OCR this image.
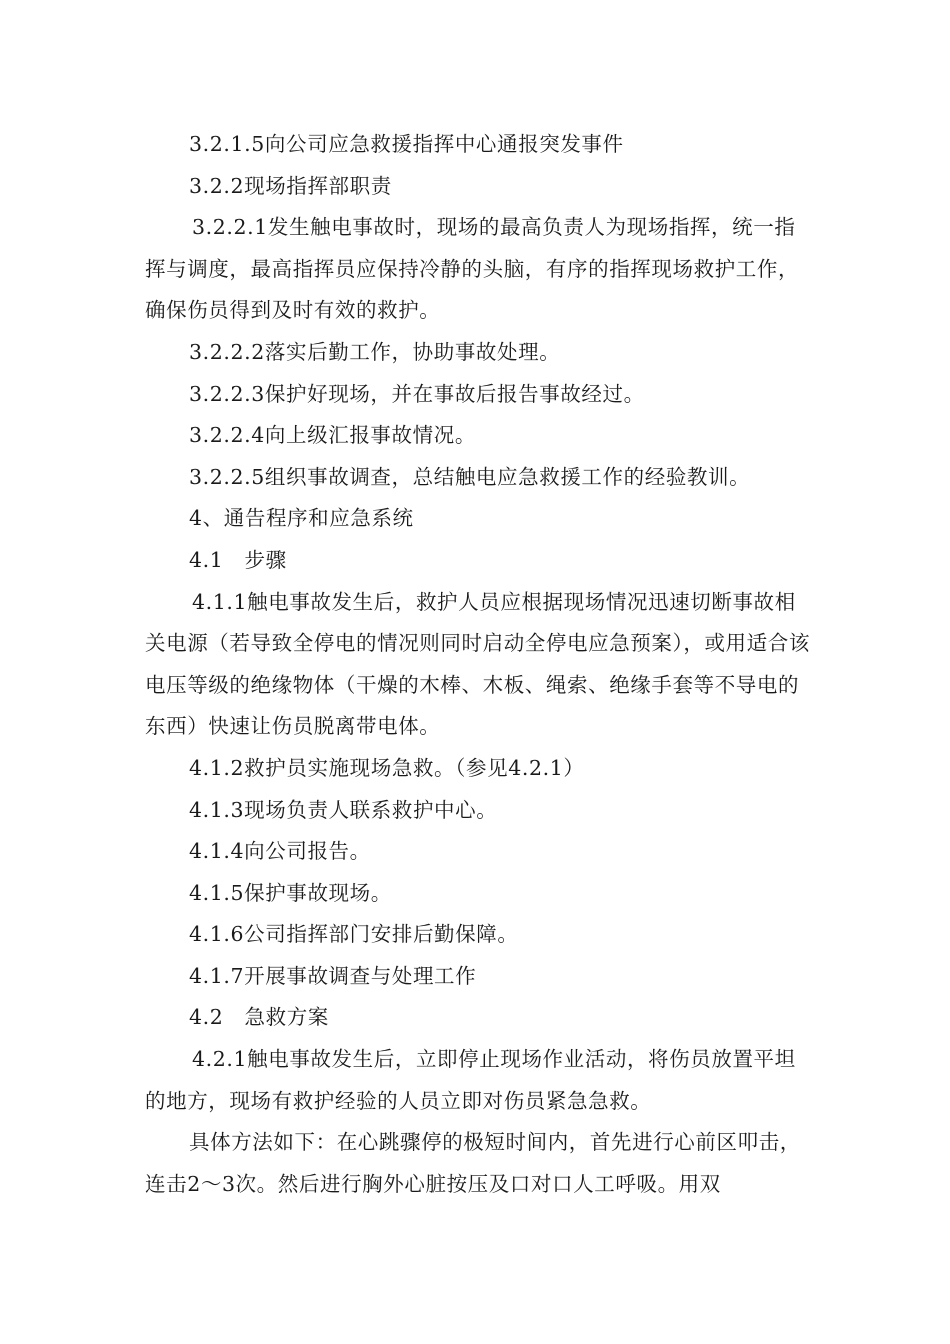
3.2.1.5向公司应急救援指挥中心通报突发事件

3.2.2现场指挥部职责

3.2.2.1发生触电事故时，现场的最高负责人为现场指挥，统一指挥与调度，最高指挥员应保持冷静的头脑，有序的指挥现场救护工作，确保伤员得到及时有效的救护。

3.2.2.2落实后勤工作，协助事故处理。

3.2.2.3保护好现场，并在事故后报告事故经过。

3.2.2.4向上级汇报事故情况。

3.2.2.5组织事故调查，总结触电应急救援工作的经验教训。

4、通告程序和应急系统

4.1　步骤

4.1.1触电事故发生后，救护人员应根据现场情况迅速切断事故相关电源（若导致全停电的情况则同时启动全停电应急预案），或用适合该电压等级的绝缘物体（干燥的木棒、木板、绳索、绝缘手套等不导电的东西）快速让伤员脱离带电体。

4.1.2救护员实施现场急救。（参见4.2.1）

4.1.3现场负责人联系救护中心。

4.1.4向公司报告。

4.1.5保护事故现场。

4.1.6公司指挥部门安排后勤保障。

4.1.7开展事故调查与处理工作

4.2　急救方案

4.2.1触电事故发生后，立即停止现场作业活动，将伤员放置平坦的地方，现场有救护经验的人员立即对伤员紧急急救。

具体方法如下：在心跳骤停的极短时间内，首先进行心前区叩击，连击2～3次。然后进行胸外心脏按压及口对口人工呼吸。用双
